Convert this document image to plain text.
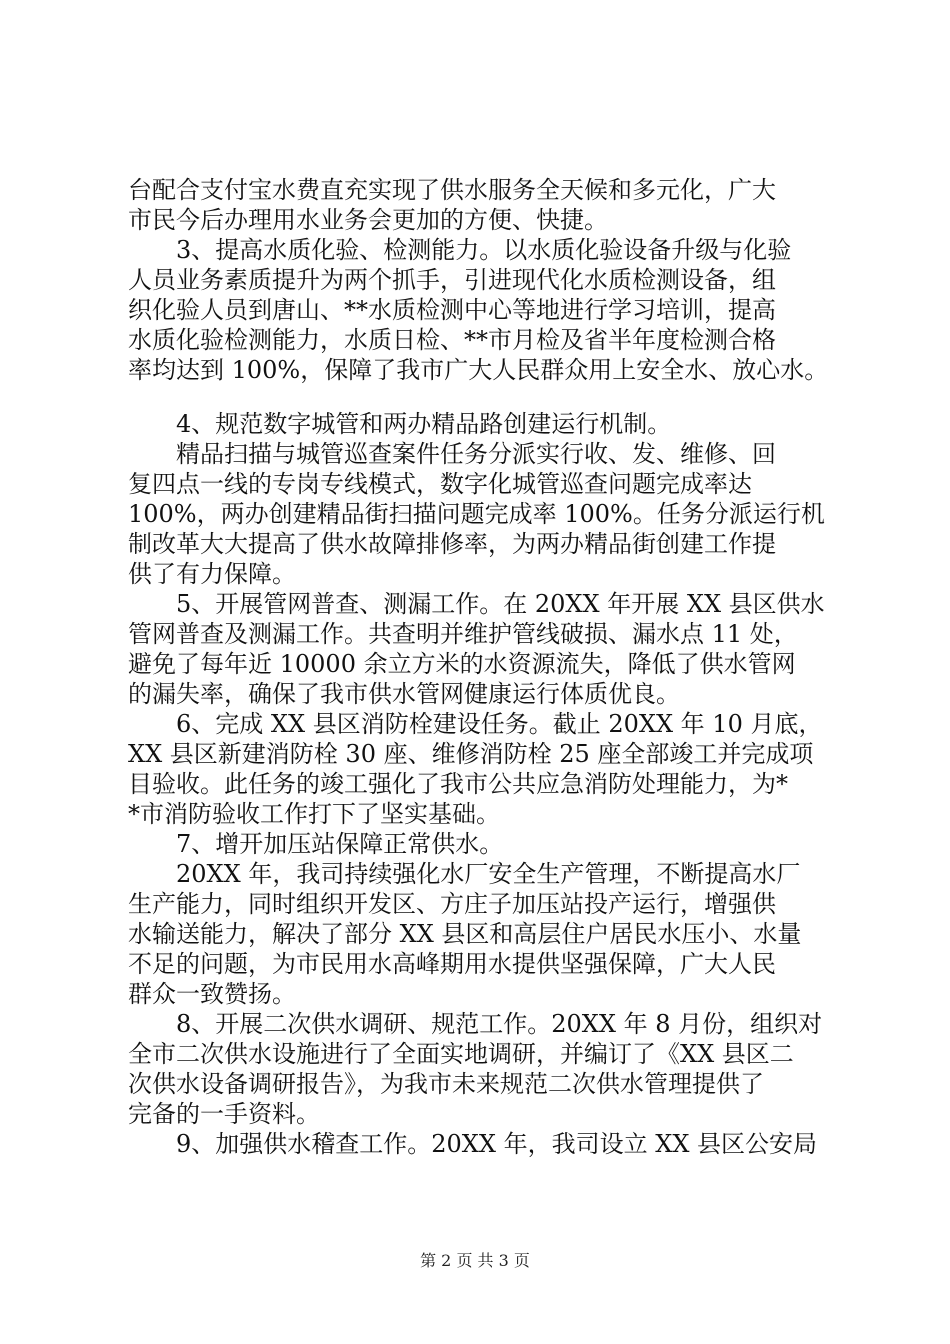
台配合支付宝水费直充实现了供水服务全天候和多元化，广大
市民今后办理用水业务会更加的方便、快捷。
　　3、提高水质化验、检测能力。以水质化验设备升级与化验
人员业务素质提升为两个抓手，引进现代化水质检测设备，组
织化验人员到唐山、**水质检测中心等地进行学习培训，提高
水质化验检测能力，水质日检、**市月检及省半年度检测合格
率均达到 100%，保障了我市广大人民群众用上安全水、放心水。
　　4、规范数字城管和两办精品路创建运行机制。
　　精品扫描与城管巡查案件任务分派实行收、发、维修、回
复四点一线的专岗专线模式，数字化城管巡查问题完成率达
100%，两办创建精品街扫描问题完成率 100%。任务分派运行机
制改革大大提高了供水故障排修率，为两办精品街创建工作提
供了有力保障。
　　5、开展管网普查、测漏工作。在 20XX 年开展 XX 县区供水
管网普查及测漏工作。共查明并维护管线破损、漏水点 11 处，
避免了每年近 10000 余立方米的水资源流失，降低了供水管网
的漏失率，确保了我市供水管网健康运行体质优良。
　　6、完成 XX 县区消防栓建设任务。截止 20XX 年 10 月底，
XX 县区新建消防栓 30 座、维修消防栓 25 座全部竣工并完成项
目验收。此任务的竣工强化了我市公共应急消防处理能力，为*
*市消防验收工作打下了坚实基础。
　　7、增开加压站保障正常供水。
　　20XX 年，我司持续强化水厂安全生产管理，不断提高水厂
生产能力，同时组织开发区、方庄子加压站投产运行，增强供
水输送能力，解决了部分 XX 县区和高层住户居民水压小、水量
不足的问题，为市民用水高峰期用水提供坚强保障，广大人民
群众一致赞扬。
　　8、开展二次供水调研、规范工作。20XX 年 8 月份，组织对
全市二次供水设施进行了全面实地调研，并编订了《XX 县区二
次供水设备调研报告》，为我市未来规范二次供水管理提供了
完备的一手资料。
　　9、加强供水稽查工作。20XX 年，我司设立 XX 县区公安局
第 2 页 共 3 页
